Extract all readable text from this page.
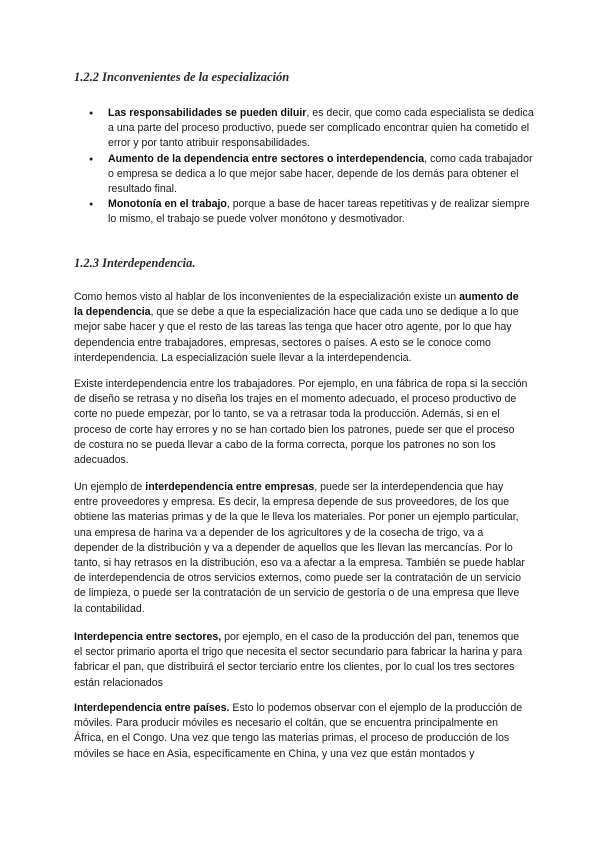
1.2.2 Inconvenientes de la especialización
● Las responsabilidades se pueden diluir, es decir, que como cada especialista se dedica a una parte del proceso productivo, puede ser complicado encontrar quien ha cometido el error y por tanto atribuir responsabilidades.
● Aumento de la dependencia entre sectores o interdependencia, como cada trabajador o empresa se dedica a lo que mejor sabe hacer, depende de los demás para obtener el resultado final.
● Monotonía en el trabajo, porque a base de hacer tareas repetitivas y de realizar siempre lo mismo, el trabajo se puede volver monótono y desmotivador.
1.2.3 Interdependencia.

Como hemos visto al hablar de los inconvenientes de la especialización existe un aumento de la dependencia, que se debe a que la especialización hace que cada uno se dedique a lo que mejor sabe hacer y que el resto de las tareas las tenga que hacer otro agente, por lo que hay dependencia entre trabajadores, empresas, sectores o países. A esto se le conoce como interdependencia. La especialización suele llevar a la interdependencia.

Existe interdependencia entre los trabajadores. Por ejemplo, en una fábrica de ropa si la sección de diseño se retrasa y no diseña los trajes en el momento adecuado, el proceso productivo de corte no puede empezar, por lo tanto, se va a retrasar toda la producción. Además, si en el proceso de corte hay errores y no se han cortado bien los patrones, puede ser que el proceso de costura no se pueda llevar a cabo de la forma correcta, porque los patrones no son los adecuados.

Un ejemplo de interdependencia entre empresas, puede ser la interdependencia que hay entre proveedores y empresa. Es decir, la empresa depende de sus proveedores, de los que obtiene las materias primas y de la que le lleva los materiales. Por poner un ejemplo particular, una empresa de harina va a depender de los agricultores y de la cosecha de trigo, va a depender de la distribución y va a depender de aquellos que les llevan las mercancías. Por lo tanto, si hay retrasos en la distribución, eso va a afectar a la empresa. También se puede hablar de interdependencia de otros servicios externos, como puede ser la contratación de un servicio de limpieza, o puede ser la contratación de un servicio de gestoría o de una empresa que lleve la contabilidad.

Interdepencia entre sectores, por ejemplo, en el caso de la producción del pan, tenemos que el sector primario aporta el trigo que necesita el sector secundario para fabricar la harina y para fabricar el pan, que distribuirá el sector terciario entre los clientes, por lo cual los tres sectores están relacionados

Interdependencia entre países. Esto lo podemos observar con el ejemplo de la producción de móviles. Para producir móviles es necesario el coltán, que se encuentra principalmente en África, en el Congo. Una vez que tengo las materias primas, el proceso de producción de los móviles se hace en Asia, específicamente en China, y una vez que están montados y
